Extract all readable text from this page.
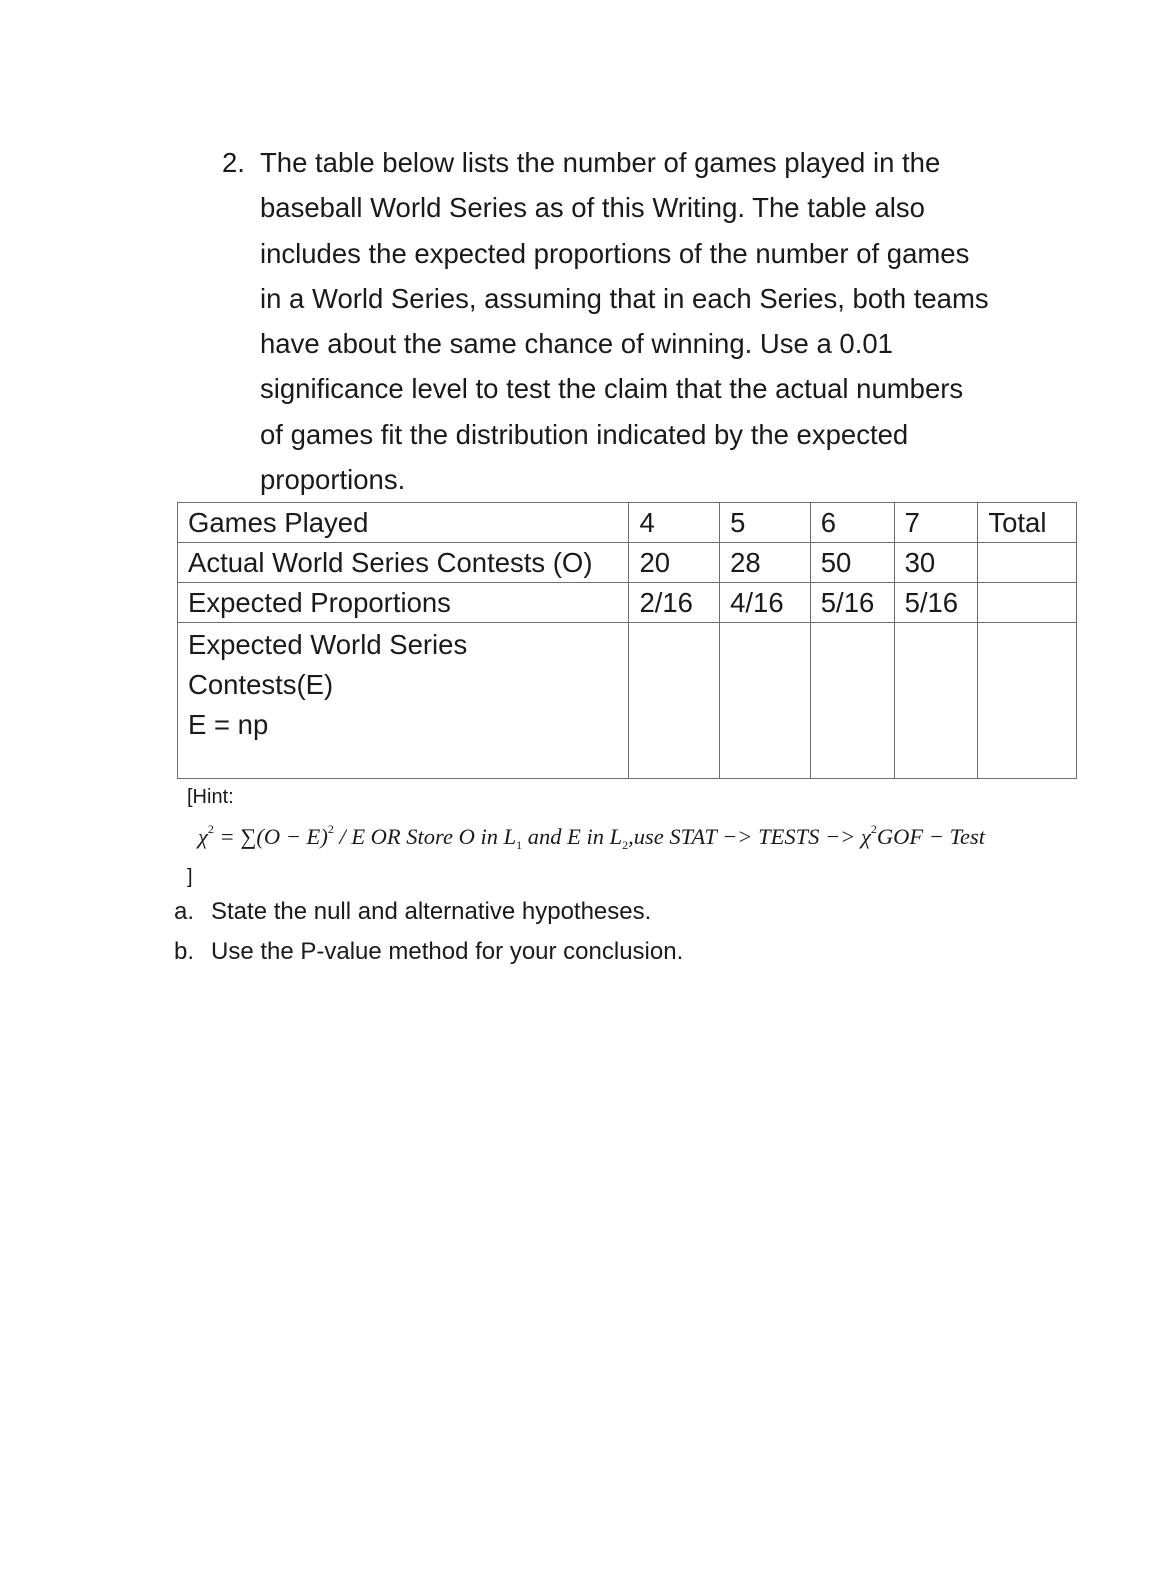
2. The table below lists the number of games played in the
baseball World Series as of this Writing. The table also
includes the expected proportions of the number of games
in a World Series, assuming that in each Series, both teams
have about the same chance of winning. Use a 0.01
significance level to test the claim that the actual numbers
of games fit the distribution indicated by the expected
proportions.
Games Played	4	5	6	7	Total
Actual World Series Contests (O)	20	28	50	30	
Expected Proportions	2/16	4/16	5/16	5/16	

Expected World Series
Contests(E)
E = np					

[Hint:
$\chi^2 = \sum(O - E)^2 / E$ OR Store O in $L_1$ and E in $L_2,use$ STAT −> TESTS −> $\chi^2GOF$ − Test
]
a. State the null and alternative hypotheses.
b. Use the P-value method for your conclusion.
